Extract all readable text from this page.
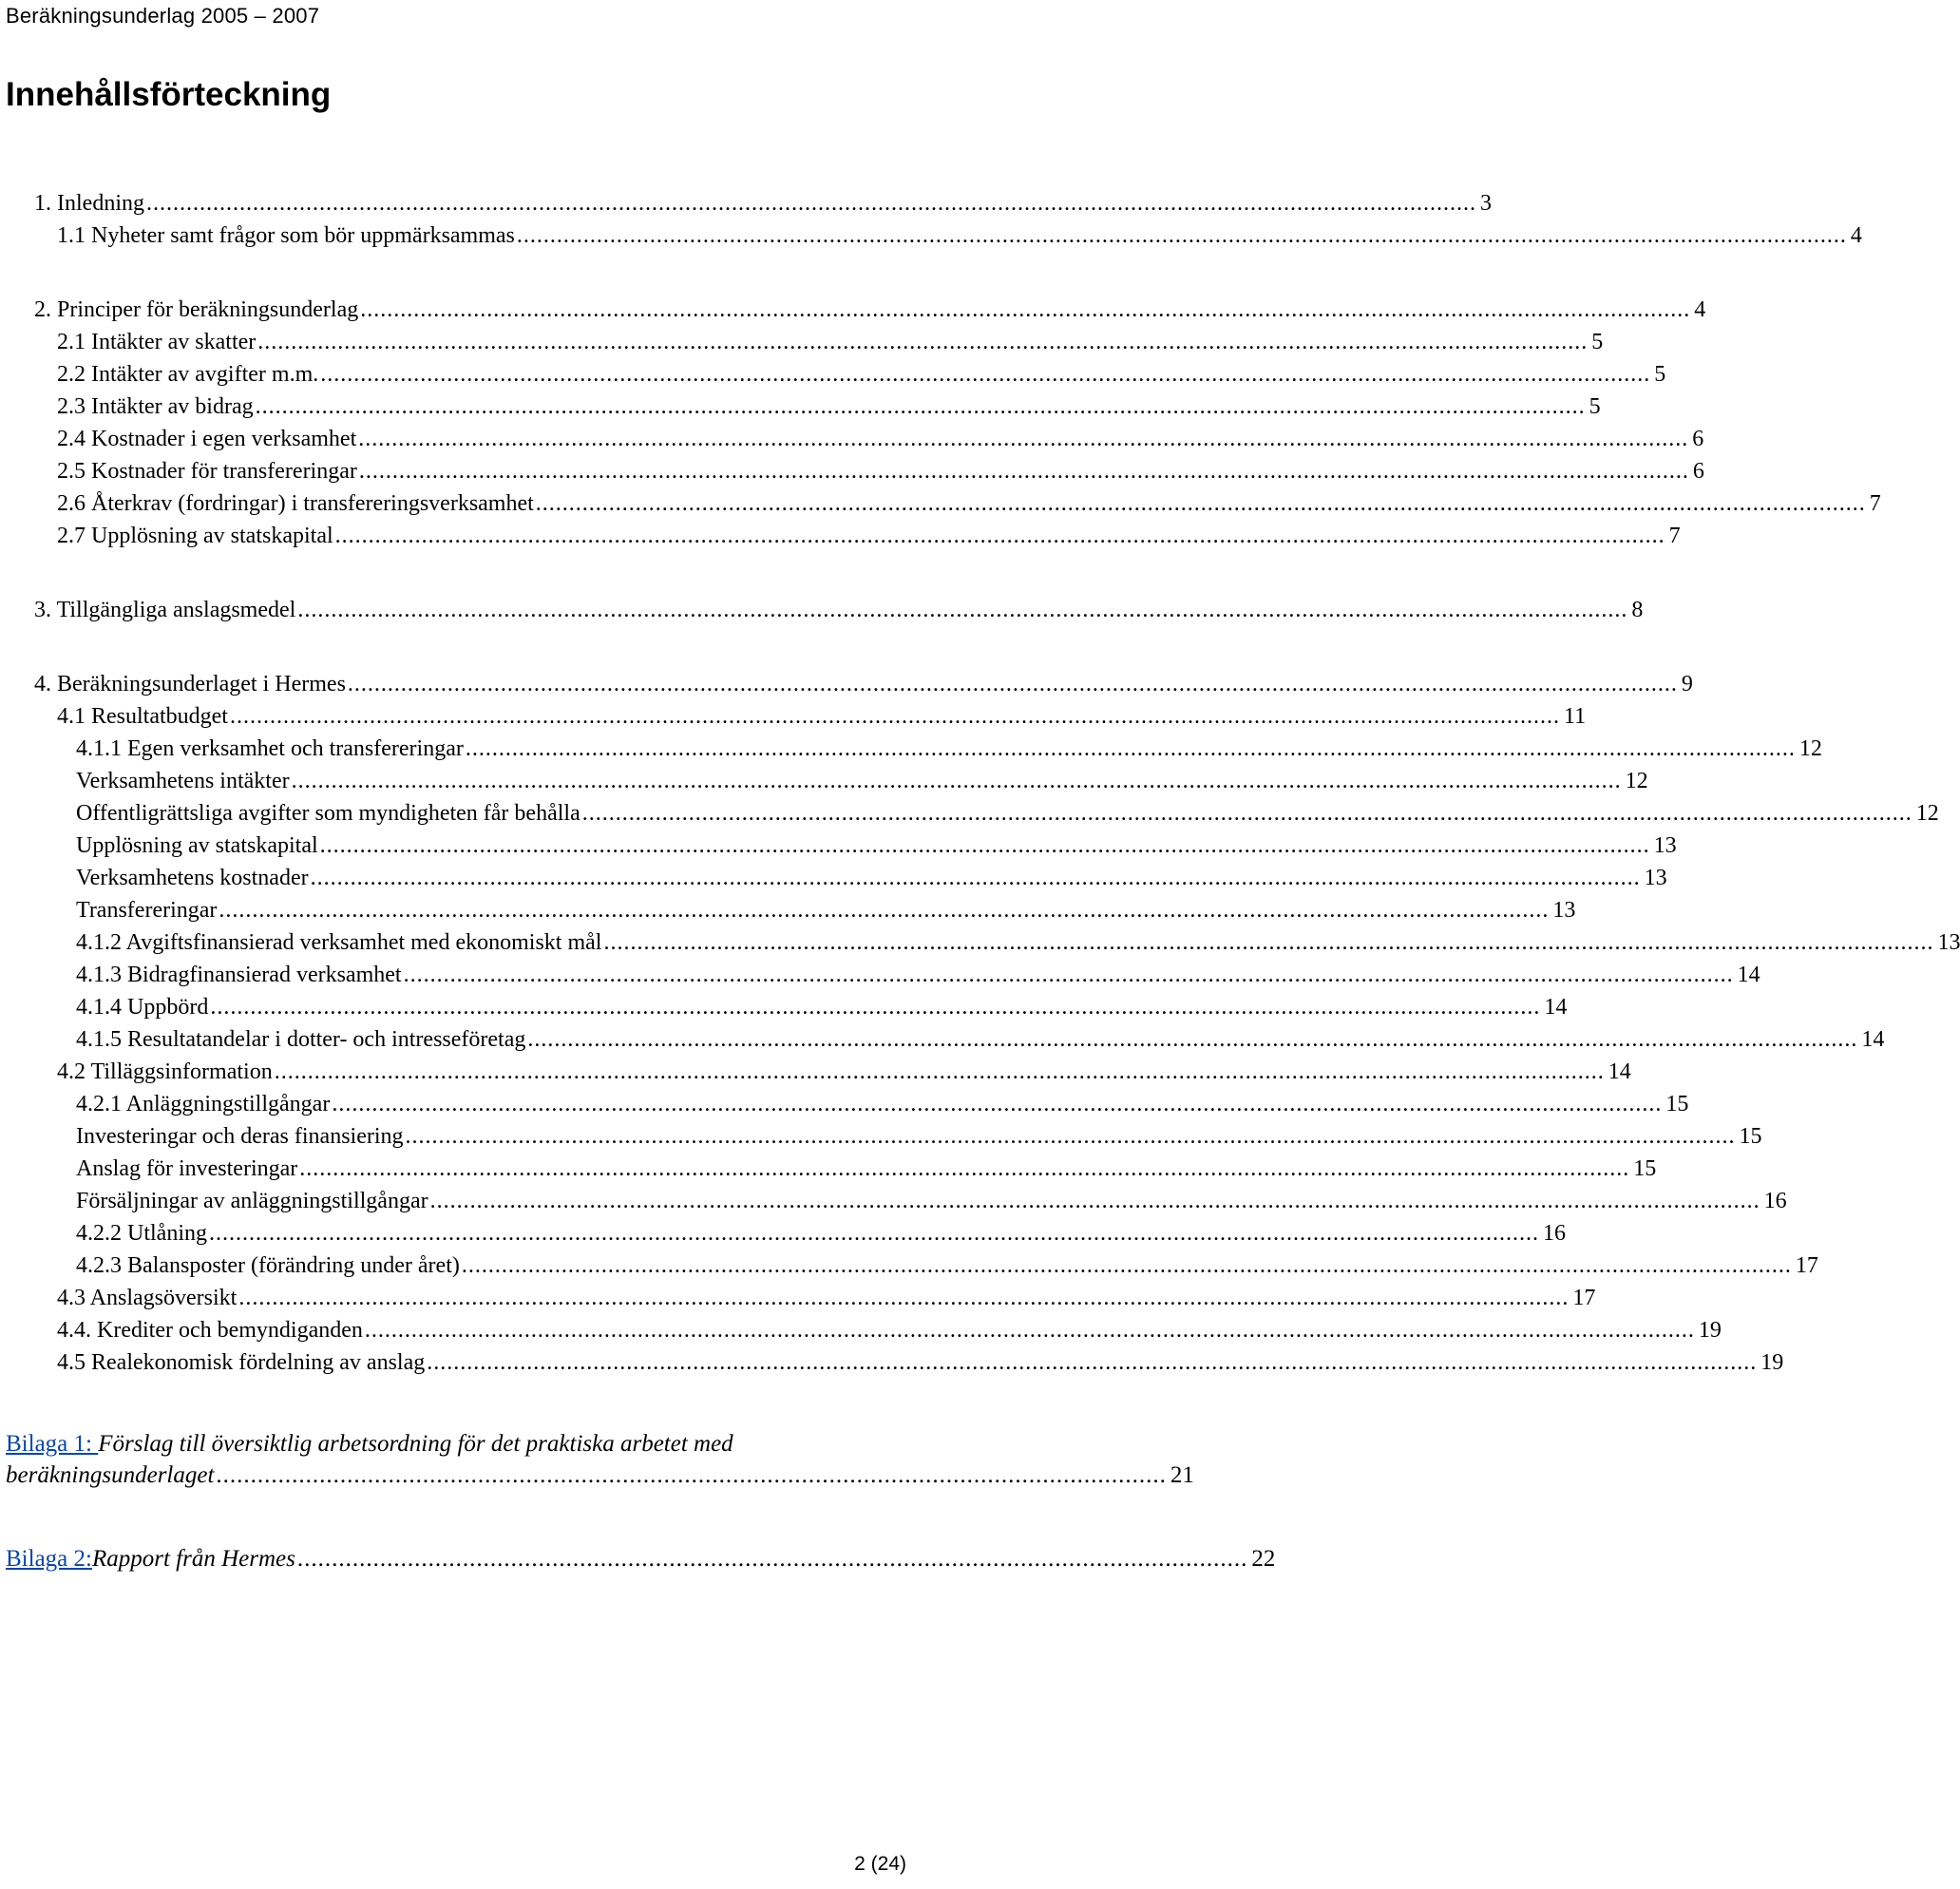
Beräkningsunderlag 2005 – 2007
Innehållsförteckning
1. Inledning ........................................................................................................................................................................................................ 3
1.1 Nyheter samt frågor som bör uppmärksammas ........................................................................................................................................................................................................ 4
2. Principer för beräkningsunderlag ........................................................................................................................................................................................................ 4
2.1 Intäkter av skatter ........................................................................................................................................................................................................ 5
2.2 Intäkter av avgifter m.m. ........................................................................................................................................................................................................ 5
2.3 Intäkter av bidrag ........................................................................................................................................................................................................ 5
2.4 Kostnader i egen verksamhet ........................................................................................................................................................................................................ 6
2.5 Kostnader för transfereringar ........................................................................................................................................................................................................ 6
2.6 Återkrav (fordringar) i transfereringsverksamhet ........................................................................................................................................................................................................ 7
2.7 Upplösning av statskapital ........................................................................................................................................................................................................ 7
3. Tillgängliga anslagsmedel ........................................................................................................................................................................................................ 8
4. Beräkningsunderlaget i Hermes ........................................................................................................................................................................................................ 9
4.1 Resultatbudget ........................................................................................................................................................................................................ 11
4.1.1 Egen verksamhet och transfereringar ........................................................................................................................................................................................................ 12
Verksamhetens intäkter ........................................................................................................................................................................................................ 12
Offentligrättsliga avgifter som myndigheten får behålla ........................................................................................................................................................................................................ 12
Upplösning av statskapital ........................................................................................................................................................................................................ 13
Verksamhetens kostnader ........................................................................................................................................................................................................ 13
Transfereringar ........................................................................................................................................................................................................ 13
4.1.2 Avgiftsfinansierad verksamhet med ekonomiskt mål ........................................................................................................................................................................................................ 13
4.1.3 Bidragfinansierad verksamhet ........................................................................................................................................................................................................ 14
4.1.4 Uppbörd ........................................................................................................................................................................................................ 14
4.1.5 Resultatandelar i dotter- och intresseföretag ........................................................................................................................................................................................................ 14
4.2 Tilläggsinformation ........................................................................................................................................................................................................ 14
4.2.1 Anläggningstillgångar ........................................................................................................................................................................................................ 15
Investeringar och deras finansiering ........................................................................................................................................................................................................ 15
Anslag för investeringar ........................................................................................................................................................................................................ 15
Försäljningar av anläggningstillgångar ........................................................................................................................................................................................................ 16
4.2.2 Utlåning ........................................................................................................................................................................................................ 16
4.2.3 Balansposter (förändring under året) ........................................................................................................................................................................................................ 17
4.3 Anslagsöversikt ........................................................................................................................................................................................................ 17
4.4. Krediter och bemyndiganden ........................................................................................................................................................................................................ 19
4.5 Realekonomisk fördelning av anslag ........................................................................................................................................................................................................ 19
Bilaga 1: Förslag till översiktlig arbetsordning för det praktiska arbetet med
beräkningsunderlaget .......................................................................................................................................... 21
Bilaga 2: Rapport från Hermes .......................................................................................................................................... 22
2 (24)
